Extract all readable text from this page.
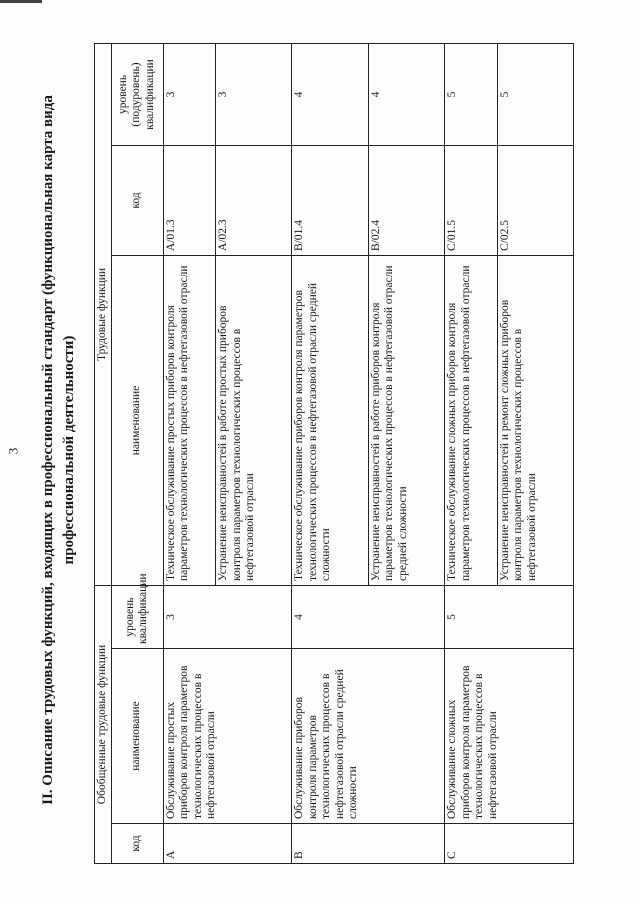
3 II. Описание трудовых функций, входящих в профессиональный стандарт (функциональная карта вида профессиональной деятельности)
Обобщенные трудовые функции			Трудовые функции		
код	наименование	уровень квалификации	наименование	код	уровень (подуровень) квалификации
A	Обслуживание простых приборов контроля параметров технологических процессов в нефтегазовой отрасли	3	Техническое обслуживание простых приборов контроля параметров технологических процессов в нефтегазовой отрасли	A/01.3	3
			Устранение неисправностей в работе простых приборов контроля параметров технологических процессов в нефтегазовой отрасли	A/02.3	3
B	Обслуживание приборов контроля параметров технологических процессов в нефтегазовой отрасли средней сложности	4	Техническое обслуживание приборов контроля параметров технологических процессов в нефтегазовой отрасли средней сложности	B/01.4	4
			Устранение неисправностей в работе приборов контроля параметров технологических процессов в нефтегазовой отрасли средней сложности	B/02.4	4
C	Обслуживание сложных приборов контроля параметров технологических процессов в нефтегазовой отрасли	5	Техническое обслуживание сложных приборов контроля параметров технологических процессов в нефтегазовой отрасли	C/01.5	5
			Устранение неисправностей и ремонт сложных приборов контроля параметров технологических процессов в нефтегазовой отрасли	C/02.5	5
